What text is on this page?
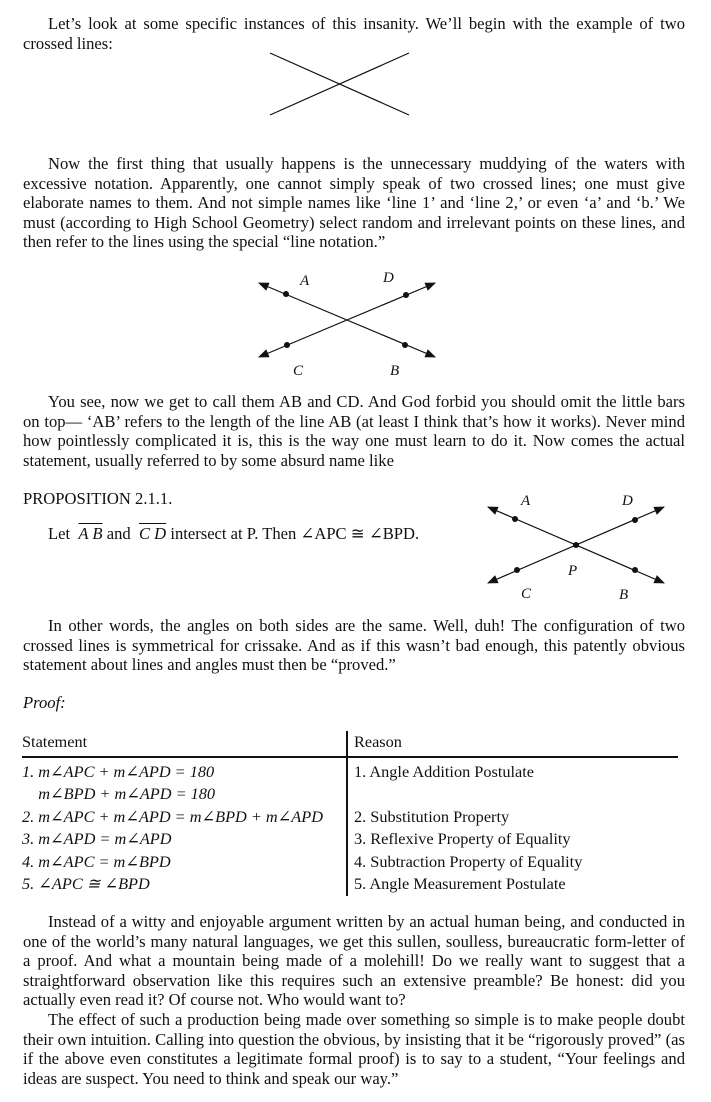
Let’s look at some specific instances of this insanity. We’ll begin with the example of two crossed lines:

Now the first thing that usually happens is the unnecessary muddying of the waters with excessive notation. Apparently, one cannot simply speak of two crossed lines; one must give elaborate names to them. And not simple names like ‘line 1’ and ‘line 2,’ or even ‘a’ and ‘b.’ We must (according to High School Geometry) select random and irrelevant points on these lines, and then refer to the lines using the special “line notation.”

A	D
C	B

You see, now we get to call them AB and CD. And God forbid you should omit the little bars on top— ‘AB’ refers to the length of the line AB (at least I think that’s how it works). Never mind how pointlessly complicated it is, this is the way one must learn to do it. Now comes the actual statement, usually referred to by some absurd name like

PROPOSITION 2.1.1.
Let A B and C D intersect at P. Then ∠APC ≅ ∠BPD.
A	D
P
C	B

In other words, the angles on both sides are the same. Well, duh! The configuration of two crossed lines is symmetrical for crissake. And as if this wasn’t bad enough, this patently obvious statement about lines and angles must then be “proved.”

Proof:
Statement	Reason
1. m∠APC + m∠APD = 180	1. Angle Addition Postulate
m∠BPD + m∠APD = 180	
2. m∠APC + m∠APD = m∠BPD + m∠APD	2. Substitution Property
3. m∠APD = m∠APD	3. Reflexive Property of Equality
4. m∠APC = m∠BPD	4. Subtraction Property of Equality
5. ∠APC ≅ ∠BPD	5. Angle Measurement Postulate

Instead of a witty and enjoyable argument written by an actual human being, and conducted in one of the world’s many natural languages, we get this sullen, soulless, bureaucratic form-letter of a proof. And what a mountain being made of a molehill! Do we really want to suggest that a straightforward observation like this requires such an extensive preamble? Be honest: did you actually even read it? Of course not. Who would want to?

The effect of such a production being made over something so simple is to make people doubt their own intuition. Calling into question the obvious, by insisting that it be “rigorously proved” (as if the above even constitutes a legitimate formal proof) is to say to a student, “Your feelings and ideas are suspect. You need to think and speak our way.”
